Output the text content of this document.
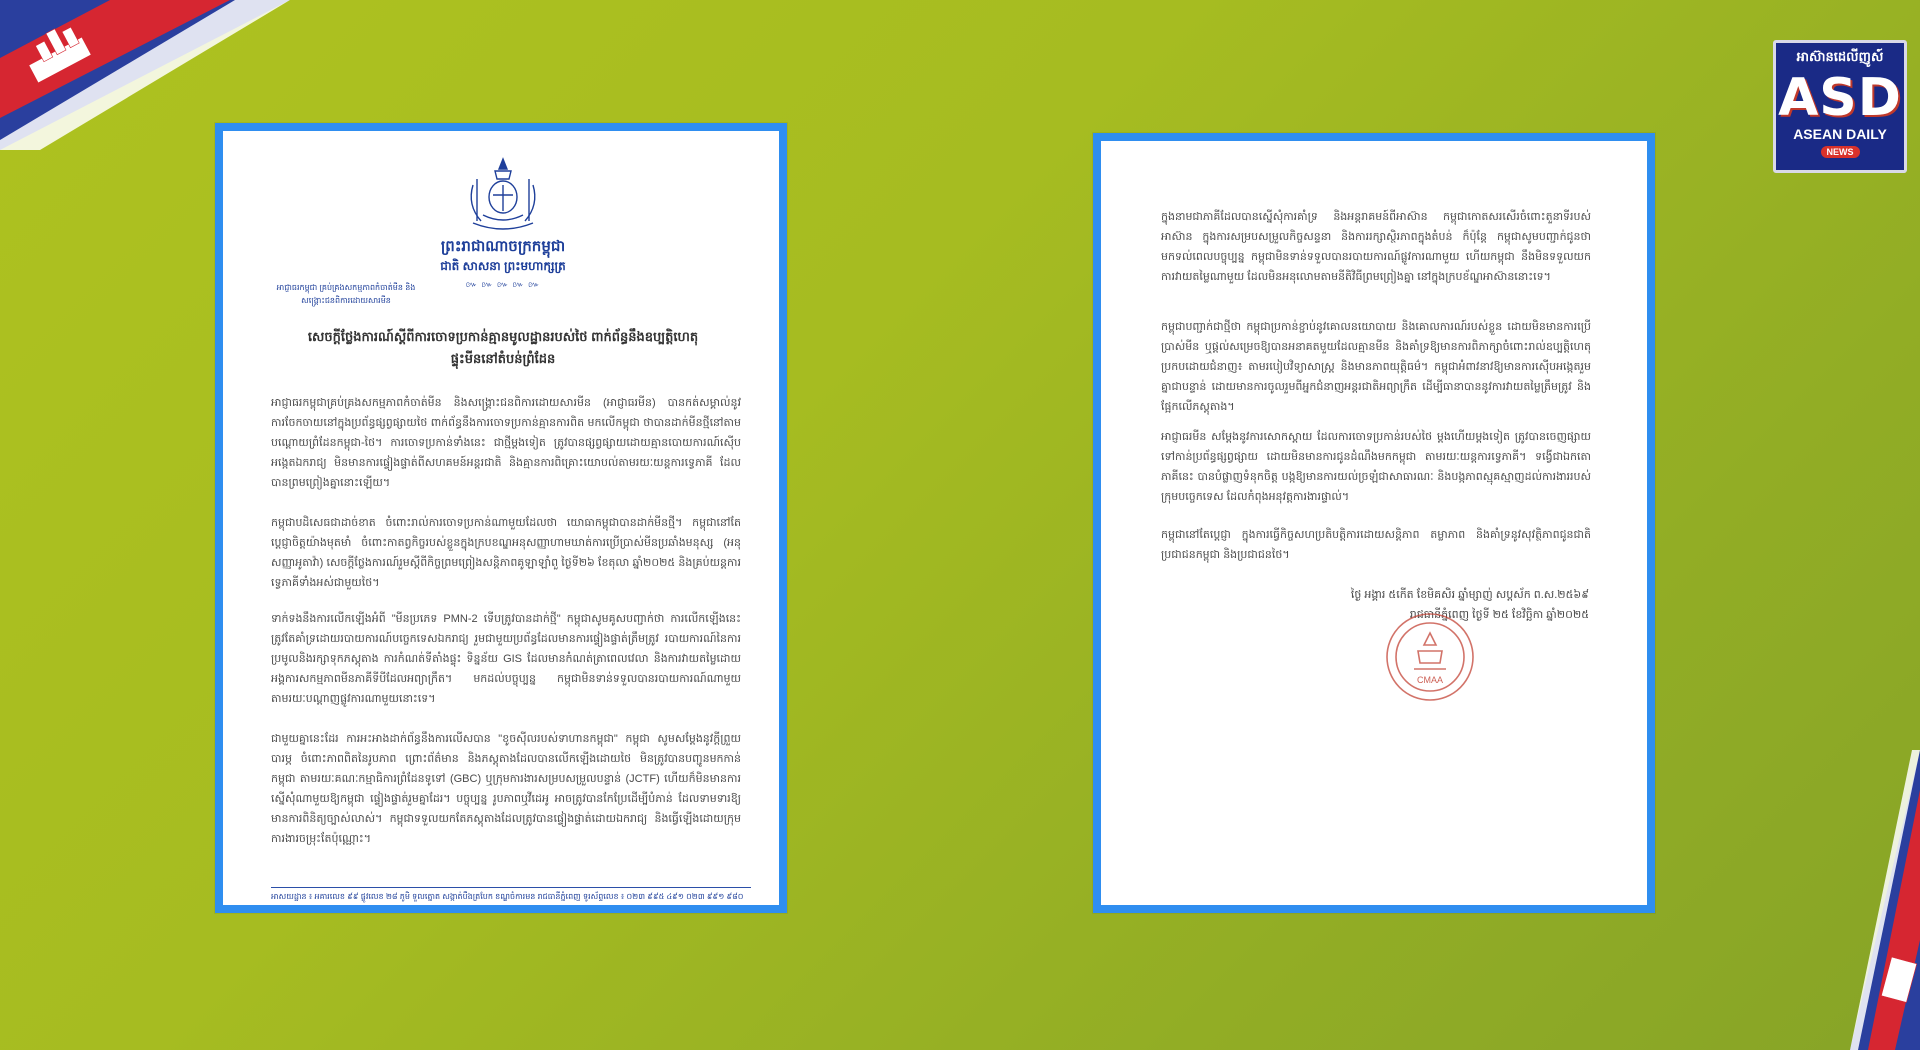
អាស៊ានដេលីញូស៍
ASD
ASEAN DAILY
NEWS
ព្រះរាជាណាចក្រកម្ពុជា
ជាតិ សាសនា ព្រះមហាក្សត្រ
៚ ៚ ៚ ៚ ៚
អាជ្ញាធរកម្ពុជា គ្រប់គ្រងសកម្មភាពកំចាត់មីន និង សង្គ្រោះជនពិការដោយសារមីន
សេចក្ដីថ្លែងការណ៍ស្ដីពីការចោទប្រកាន់គ្មានមូលដ្ឋានរបស់ថៃ ពាក់ព័ន្ធនឹងឧប្បត្តិហេតុផ្ទុះមីននៅតំបន់ព្រំដែន
អាជ្ញាធរកម្ពុជាគ្រប់គ្រងសកម្មភាពកំចាត់មីន និងសង្គ្រោះជនពិការដោយសារមីន (អាជ្ញាធរមីន) បានកត់សម្គាល់នូវការចែកចាយនៅក្នុងប្រព័ន្ធផ្សព្វផ្សាយថៃ ពាក់ព័ន្ធនឹងការចោទប្រកាន់គ្មានការពិត មកលើកម្ពុជា ថាបានដាក់មីនថ្មីនៅតាមបណ្ដោយព្រំដែនកម្ពុជា-ថៃ។ ការចោទប្រកាន់ទាំងនេះ ជាថ្មីម្ដងទៀត ត្រូវបានផ្សព្វផ្សាយដោយគ្មានបោយការណ៍ស៊ើបអង្កេតឯករាជ្យ មិនមានការផ្ទៀងផ្ទាត់ពីសហគមន៍អន្តរជាតិ និងគ្មានការពិគ្រោះយោបល់តាមរយៈយន្តការទ្វេភាគី ដែលបានព្រមព្រៀងគ្នានោះឡើយ។
កម្ពុជាបដិសេធជាដាច់ខាត ចំពោះរាល់ការចោទប្រកាន់ណាមួយដែលថា យោធាកម្ពុជាបានដាក់មីនថ្មី។ កម្ពុជានៅតែប្ដេជ្ញាចិត្តយ៉ាងមុតមាំ ចំពោះកាតព្វកិច្ចរបស់ខ្លួនក្នុងក្របខណ្ឌអនុសញ្ញាហាមឃាត់ការប្រើប្រាស់មីនប្រឆាំងមនុស្ស (អនុសញ្ញាអូតាវ៉ា) សេចក្ដីថ្លែងការណ៍រួមស្ដីពីកិច្ចព្រមព្រៀងសន្តិភាពគូឡាឡាំពួ ថ្ងៃទី២៦ ខែតុលា ឆ្នាំ២០២៥ និងគ្រប់យន្តការទ្វេភាគីទាំងអស់ជាមួយថៃ។
ទាក់ទងនឹងការលើកឡើងអំពី "មីនប្រភេទ PMN-2 ទើបត្រូវបានដាក់ថ្មី" កម្ពុជាសូមគូសបញ្ជាក់ថា ការលើកឡើងនេះ ត្រូវតែគាំទ្រដោយរបាយការណ៍បច្ចេកទេសឯករាជ្យ រួមជាមួយប្រព័ន្ធដែលមានការផ្ទៀងផ្ទាត់ត្រឹមត្រូវ របាយការណ៍នៃការប្រមូលនិងរក្សាទុកភស្តុតាង ការកំណត់ទីតាំងផ្ទុះ ទិន្នន័យ GIS ដែលមានកំណត់ត្រាពេលវេលា និងការវាយតម្លៃដោយអង្គការសកម្មភាពមីនភាគីទីបីដែលអព្យាក្រឹត។ មកដល់បច្ចុប្បន្ន កម្ពុជាមិនទាន់ទទួលបានរបាយការណ៍ណាមួយ តាមរយៈបណ្ដាញផ្លូវការណាមួយនោះទេ។
ជាមួយគ្នានេះដែរ ការអះអាងដាក់ព័ន្ធនឹងការលើសបាន "ខូចស៊ីលរបស់ទាហានកម្ពុជា" កម្ពុជា សូមសម្ដែងនូវក្ដីព្រួយបារម្ភ ចំពោះភាពពិតនៃរូបភាព ព្រោះព័ត៌មាន និងភស្តុតាងដែលបានលើកឡើងដោយថៃ មិនត្រូវបានបញ្ជូនមកកាន់កម្ពុជា តាមរយៈគណៈកម្មាធិការព្រំដែនទូទៅ (GBC) ឬក្រុមការងារសម្របសម្រួលបន្ទាន់ (JCTF) ហើយក៏មិនមានការស្នើសុំណាមួយឱ្យកម្ពុជា ផ្ទៀងផ្ទាត់រួមគ្នាដែរ។ បច្ចុប្បន្ន រូបភាពឬវីដេអូ អាចត្រូវបានកែប្រែដើម្បីបំភាន់ ដែលទាមទារឱ្យមានការពិនិត្យច្បាស់លាស់។ កម្ពុជាទទួលយកតែភស្តុតាងដែលត្រូវបានផ្ទៀងផ្ទាត់ដោយឯករាជ្យ និងធ្វើឡើងដោយក្រុមការងារចម្រុះតែប៉ុណ្ណោះ។
អាសយដ្ឋាន ៖ អគារលេខ ៩៩ ផ្លូវលេខ ២៨ ភូមិ ទួលត្នោត សង្កាត់បឹងត្របែក ខណ្ឌចំការមន រាជធានីភ្នំពេញ ទូរស័ព្ទលេខ ៖ ០២៣ ៩៩៥ ៤៩១ ០២៣ ៩៩១ ៩៨០
ក្នុងនាមជាភាគីដែលបានស្នើសុំការគាំទ្រ និងអន្តរាគមន៍ពីអាស៊ាន កម្ពុជាកោតសរសើរចំពោះតួនាទីរបស់អាស៊ាន ក្នុងការសម្របសម្រួលកិច្ចសន្ទនា និងការរក្សាស្ថិរភាពក្នុងតំបន់ ក៏ប៉ុន្តែ កម្ពុជាសូមបញ្ជាក់ជូនថា មកទល់ពេលបច្ចុប្បន្ន កម្ពុជាមិនទាន់ទទួលបានរបាយការណ៍ផ្លូវការណាមួយ ហើយកម្ពុជា នឹងមិនទទួលយកការវាយតម្លៃណាមួយ ដែលមិនអនុលោមតាមនីតិវិធីព្រមព្រៀងគ្នា នៅក្នុងក្របខ័ណ្ឌអាស៊ាននោះទេ។
កម្ពុជាបញ្ជាក់ជាថ្មីថា កម្ពុជាប្រកាន់ខ្ជាប់នូវគោលនយោបាយ និងគោលការណ៍របស់ខ្លួន ដោយមិនមានការប្រើប្រាស់មីន ឬផ្ដល់សម្រេចឱ្យបានអនាគតមួយដែលគ្មានមីន និងគាំទ្រឱ្យមានការពិភាក្សាចំពោះរាល់ឧប្បត្តិហេតុ ប្រកបដោយជំនាញ៖ តាមរបៀបវិទ្យាសាស្ត្រ និងមានភាពយុត្តិធម៌។ កម្ពុជាអំពាវនាវឱ្យមានការស៊ើបអង្កេតរួមគ្នាជាបន្ទាន់ ដោយមានការចូលរួមពីអ្នកជំនាញអន្តរជាតិអព្យាក្រឹត ដើម្បីធានាបាននូវការវាយតម្លៃត្រឹមត្រូវ និងផ្អែកលើភស្តុតាង។
អាជ្ញាធរមីន សម្ដែងនូវការសោកស្ដាយ ដែលការចោទប្រកាន់របស់ថៃ ម្ដងហើយម្ដងទៀត ត្រូវបានចេញផ្សាយទៅកាន់ប្រព័ន្ធផ្សព្វផ្សាយ ដោយមិនមានការជូនដំណឹងមកកម្ពុជា តាមរយៈយន្តការទ្វេភាគី។ ទង្វើជាឯកតោភាគីនេះ បានបំផ្លាញទំនុកចិត្ត បង្កឱ្យមានការយល់ច្រឡំជាសាធារណៈ និងបង្កភាពស្មុគស្មាញដល់ការងាររបស់ក្រុមបច្ចេកទេស ដែលកំពុងអនុវត្តការងារផ្ទាល់។
កម្ពុជានៅតែប្ដេជ្ញា ក្នុងការធ្វើកិច្ចសហប្រតិបត្តិការដោយសន្តិភាព តម្លាភាព និងគាំទ្រនូវសុវត្ថិភាពជូនជាតិប្រជាជនកម្ពុជា និងប្រជាជនថៃ។
ថ្ងៃ អង្គារ ៥កើត ខែមិគសិរ ឆ្នាំម្សាញ់ សប្តស័ក ព.ស.២៥៦៩
រាជធានីភ្នំពេញ ថ្ងៃទី ២៥ ខែវិច្ឆិកា ឆ្នាំ២០២៥
CMAA
